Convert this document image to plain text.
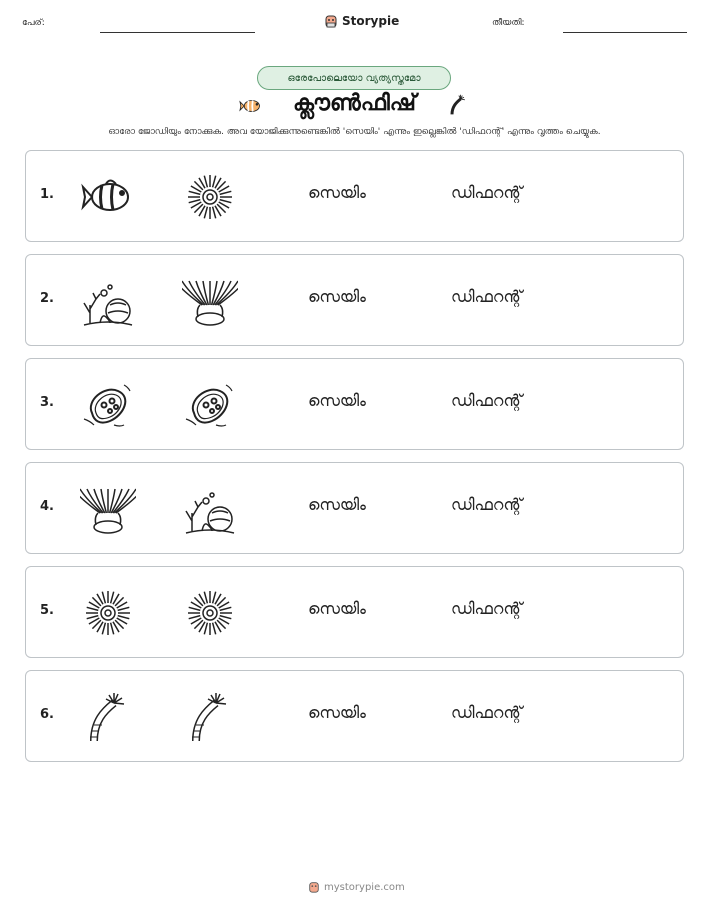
പേര്:	Storypie	തീയതി:
ഒരേപോലെയോ വ്യത്യസ്തമോ
ക്ലൗൺഫിഷ്
ഓരോ ജോഡിയും നോക്കുക. അവ യോജിക്കുന്നുണ്ടെങ്കിൽ 'സെയിം' എന്നും ഇല്ലെങ്കിൽ 'ഡിഫറന്റ്' എന്നും വൃത്തം ചെയ്യുക.
1.	സെയിം	ഡിഫറന്റ്
2.	സെയിം	ഡിഫറന്റ്
3.	സെയിം	ഡിഫറന്റ്
4.	സെയിം	ഡിഫറന്റ്
5.	സെയിം	ഡിഫറന്റ്
6.	സെയിം	ഡിഫറന്റ്
mystorypie.com
